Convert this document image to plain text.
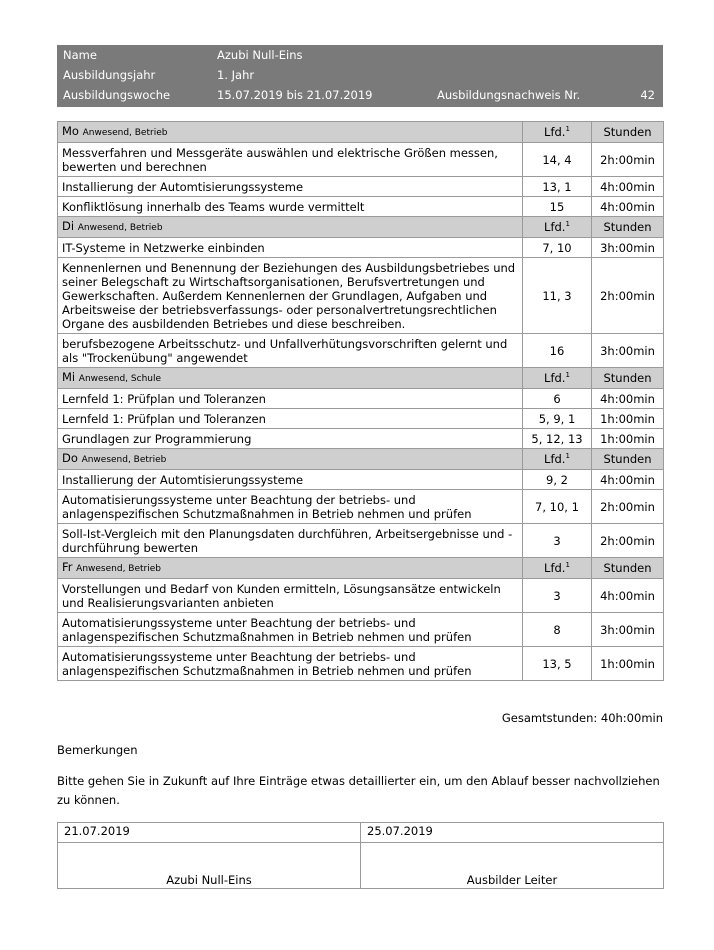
Name	Azubi Null-Eins
Ausbildungsjahr	1. Jahr
Ausbildungswoche	15.07.2019 bis 21.07.2019	Ausbildungsnachweis Nr.	42
Mo Anwesend, Betrieb	Lfd.$^1$	Stunden
Messverfahren und Messgeräte auswählen und elektrische Größen messen, bewerten und berechnen	14, 4	2h:00min
Installierung der Automtisierungssysteme	13, 1	4h:00min
Konfliktlösung innerhalb des Teams wurde vermittelt	15	4h:00min
Di Anwesend, Betrieb	Lfd.$^1$	Stunden
IT-Systeme in Netzwerke einbinden	7, 10	3h:00min
Kennenlernen und Benennung der Beziehungen des Ausbildungsbetriebes und seiner Belegschaft zu Wirtschaftsorganisationen, Berufsvertretungen und Gewerkschaften. Außerdem Kennenlernen der Grundlagen, Aufgaben und Arbeitsweise der betriebsverfassungs- oder personalvertretungsrechtlichen Organe des ausbildenden Betriebes und diese beschreiben.	11, 3	2h:00min
berufsbezogene Arbeitsschutz- und Unfallverhütungsvorschriften gelernt und als "Trockenübung" angewendet	16	3h:00min
Mi Anwesend, Schule	Lfd.$^1$	Stunden
Lernfeld 1: Prüfplan und Toleranzen	6	4h:00min
Lernfeld 1: Prüfplan und Toleranzen	5, 9, 1	1h:00min
Grundlagen zur Programmierung	5, 12, 13	1h:00min
Do Anwesend, Betrieb	Lfd.$^1$	Stunden
Installierung der Automtisierungssysteme	9, 2	4h:00min
Automatisierungssysteme unter Beachtung der betriebs- und anlagenspezifischen Schutzmaßnahmen in Betrieb nehmen und prüfen	7, 10, 1	2h:00min
Soll-Ist-Vergleich mit den Planungsdaten durchführen, Arbeitsergebnisse und -durchführung bewerten	3	2h:00min
Fr Anwesend, Betrieb	Lfd.$^1$	Stunden
Vorstellungen und Bedarf von Kunden ermitteln, Lösungsansätze entwickeln und Realisierungsvarianten anbieten	3	4h:00min
Automatisierungssysteme unter Beachtung der betriebs- und anlagenspezifischen Schutzmaßnahmen in Betrieb nehmen und prüfen	8	3h:00min
Automatisierungssysteme unter Beachtung der betriebs- und anlagenspezifischen Schutzmaßnahmen in Betrieb nehmen und prüfen	13, 5	1h:00min
Gesamtstunden: 40h:00min
Bemerkungen
Bitte gehen Sie in Zukunft auf Ihre Einträge etwas detaillierter ein, um den Ablauf besser nachvollziehen zu können.
21.07.2019	25.07.2019
Azubi Null-Eins	Ausbilder Leiter
